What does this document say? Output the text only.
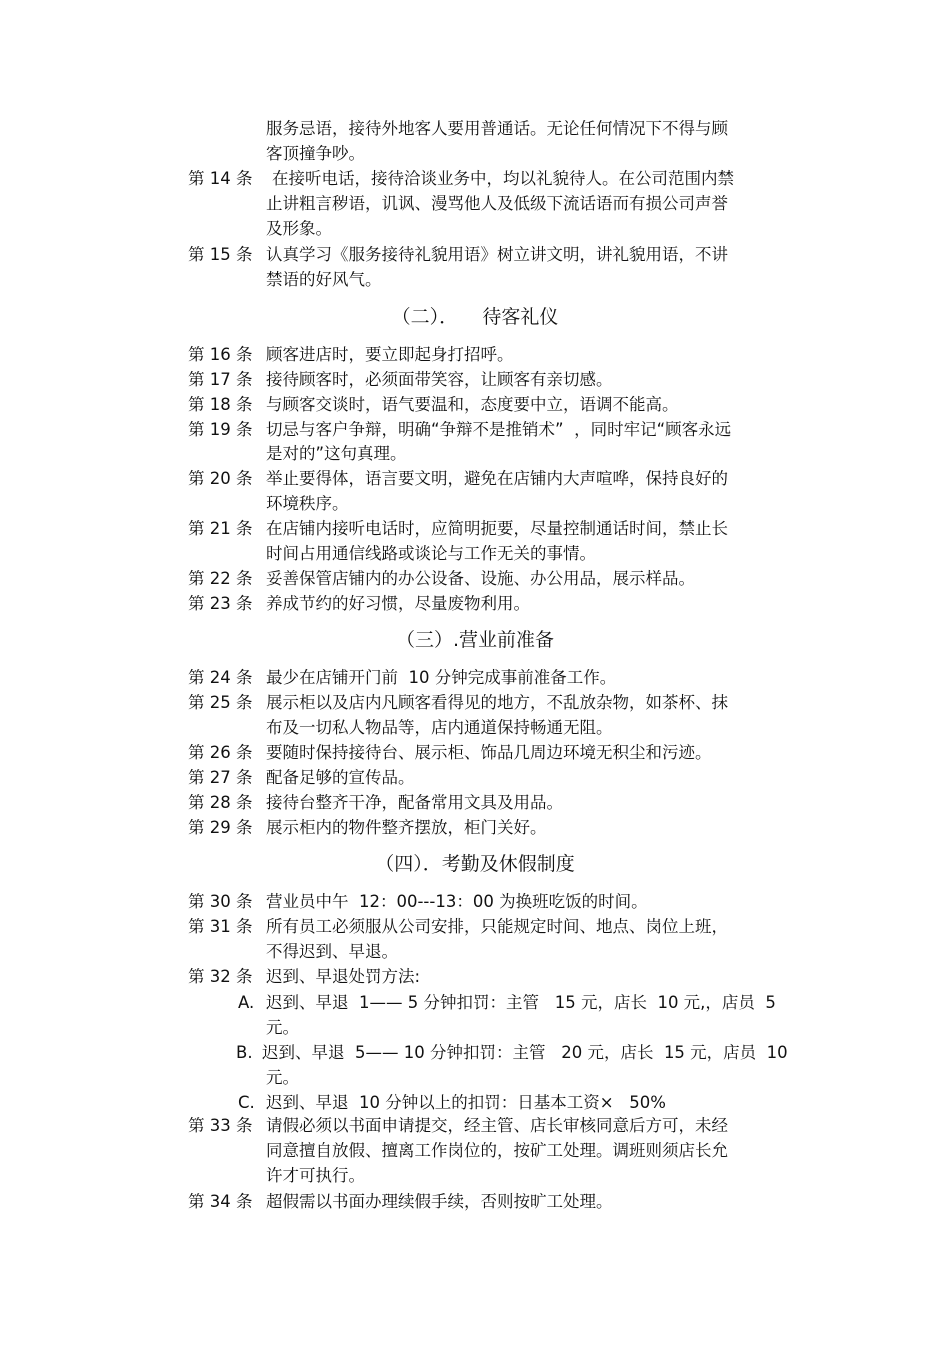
服务忌语，接待外地客人要用普通话。无论任何情况下不得与顾
客顶撞争吵。
第 14 条 在接听电话，接待洽谈业务中，均以礼貌待人。在公司范围内禁
止讲粗言秽语，讥讽、漫骂他人及低级下流话语而有损公司声誉
及形象。
第 15 条 认真学习《服务接待礼貌用语》树立讲文明，讲礼貌用语，不讲
禁语的好风气。
（二）．    待客礼仪
第 16 条 顾客进店时，要立即起身打招呼。
第 17 条 接待顾客时，必须面带笑容，让顾客有亲切感。
第 18 条 与顾客交谈时，语气要温和，态度要中立，语调不能高。
第 19 条 切忌与客户争辩，明确“争辩不是推销术”  ，同时牢记“顾客永远
是对的”这句真理。
第 20 条 举止要得体，语言要文明，避免在店铺内大声喧哗，保持良好的
环境秩序。
第 21 条 在店铺内接听电话时，应简明扼要，尽量控制通话时间，禁止长
时间占用通信线路或谈论与工作无关的事情。
第 22 条 妥善保管店铺内的办公设备、设施、办公用品，展示样品。
第 23 条 养成节约的好习惯，尽量废物利用。
（三）.营业前准备
第 24 条 最少在店铺开门前  10 分钟完成事前准备工作。
第 25 条 展示柜以及店内凡顾客看得见的地方，不乱放杂物，如茶杯、抹
布及一切私人物品等，店内通道保持畅通无阻。
第 26 条 要随时保持接待台、展示柜、饰品几周边环境无积尘和污迹。
第 27 条 配备足够的宣传品。
第 28 条 接待台整齐干净，配备常用文具及用品。
第 29 条 展示柜内的物件整齐摆放，柜门关好。
（四）．考勤及休假制度
第 30 条 营业员中午  12：00---13：00 为换班吃饭的时间。
第 31 条 所有员工必须服从公司安排，只能规定时间、地点、岗位上班，
不得迟到、早退。
第 32 条 迟到、早退处罚方法:
A. 迟到、早退  1—— 5 分钟扣罚：主管   15 元，店长  10 元,，店员  5
元。
B. 迟到、早退  5—— 10 分钟扣罚：主管   20 元，店长  15 元，店员  10
元。
C. 迟到、早退  10 分钟以上的扣罚：日基本工资×   50%
第 33 条 请假必须以书面申请提交，经主管、店长审核同意后方可，未经
同意擅自放假、擅离工作岗位的，按矿工处理。调班则须店长允
许才可执行。
第 34 条 超假需以书面办理续假手续，否则按旷工处理。
